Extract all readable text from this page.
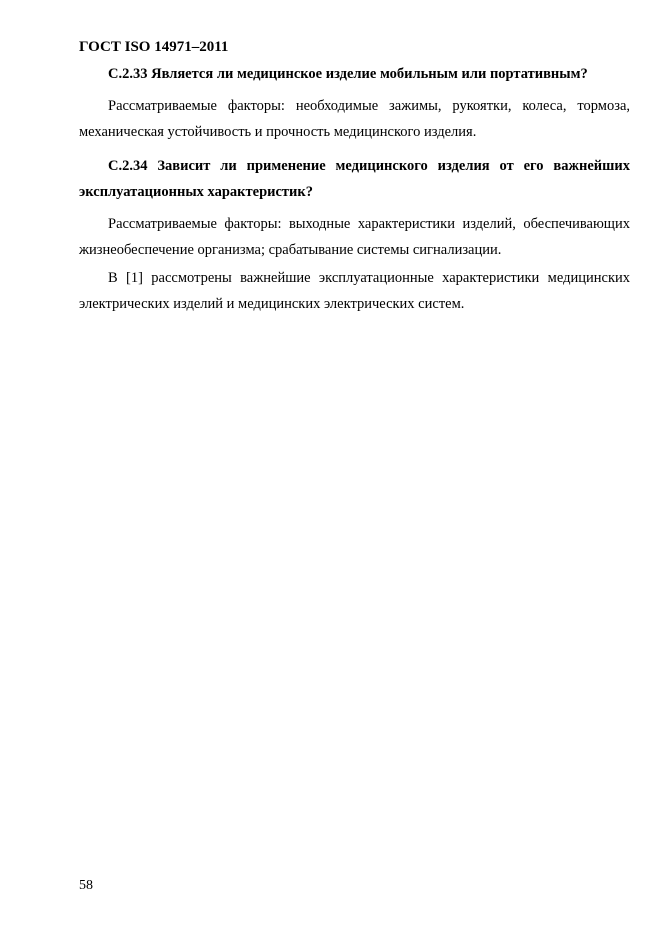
ГОСТ ISO 14971–2011

С.2.33 Является ли медицинское изделие мобильным или портативным?

Рассматриваемые факторы: необходимые зажимы, рукоятки, колеса, тормоза, механическая устойчивость и прочность медицинского изделия.

С.2.34 Зависит ли применение медицинского изделия от его важнейших эксплуатационных характеристик?

Рассматриваемые факторы: выходные характеристики изделий, обеспечивающих жизнеобеспечение организма; срабатывание системы сигнализации.

В [1] рассмотрены важнейшие эксплуатационные характеристики медицинских электрических изделий и медицинских электрических систем.

58
